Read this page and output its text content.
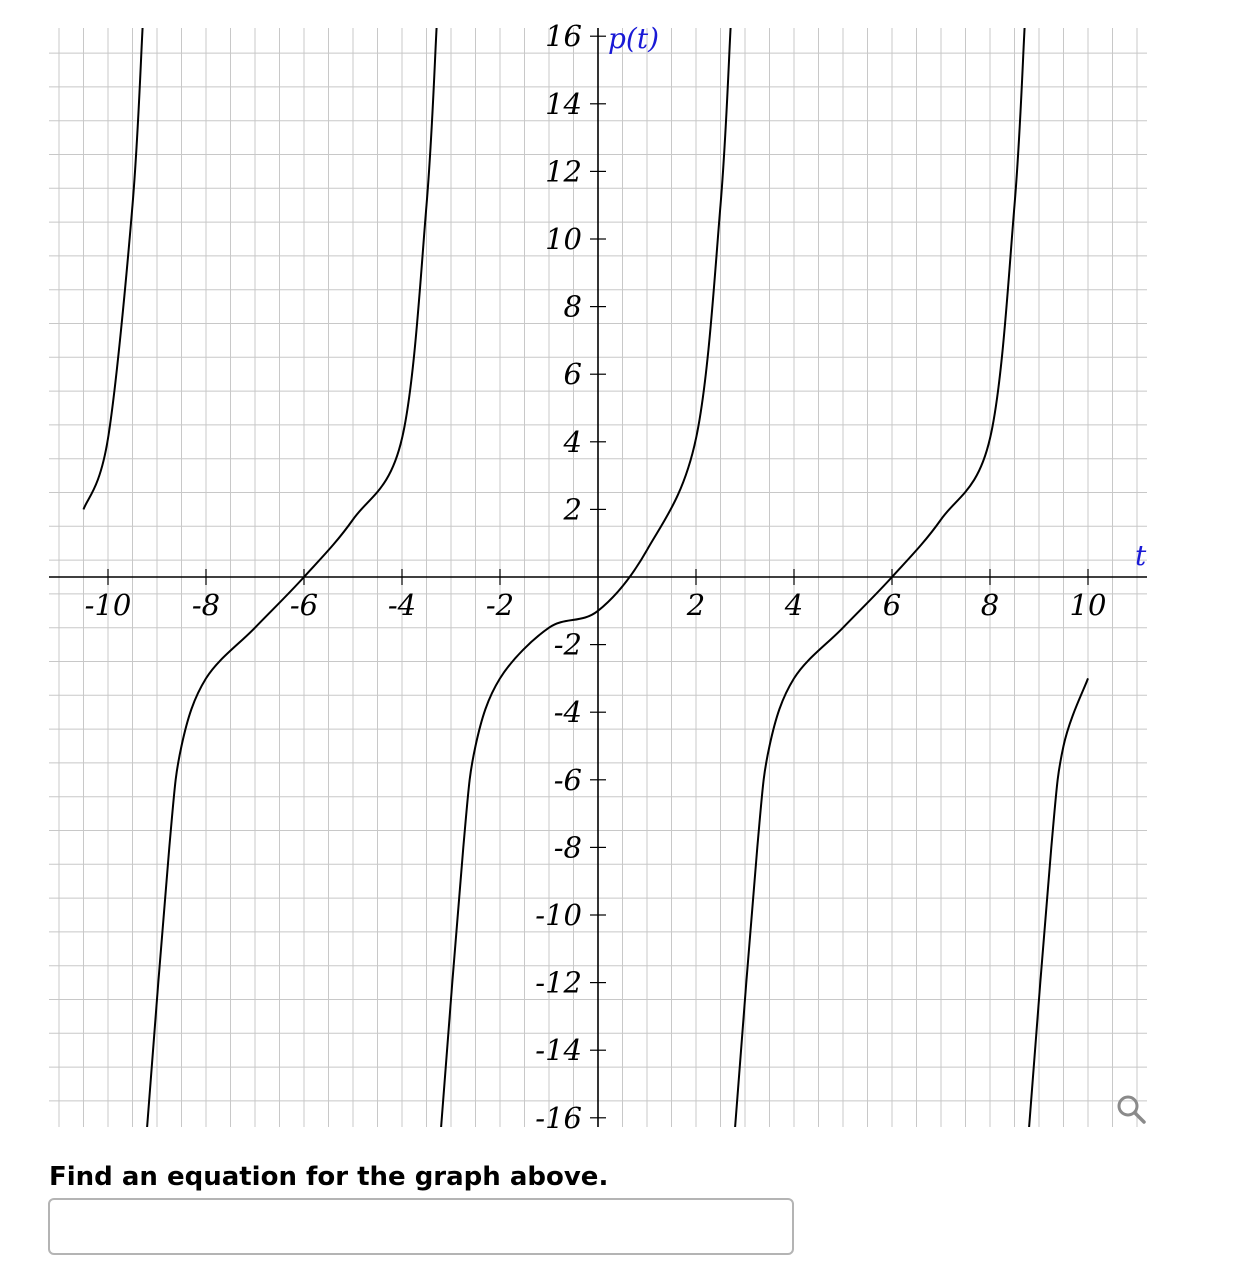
-10 -8 -6 -4 -2	2	4	6	8 10
16
14
12
10
8
6
4
2
-2
-4
-6
-8
-10
-12
-14
-16
p(t)
t

Find an equation for the graph above.
